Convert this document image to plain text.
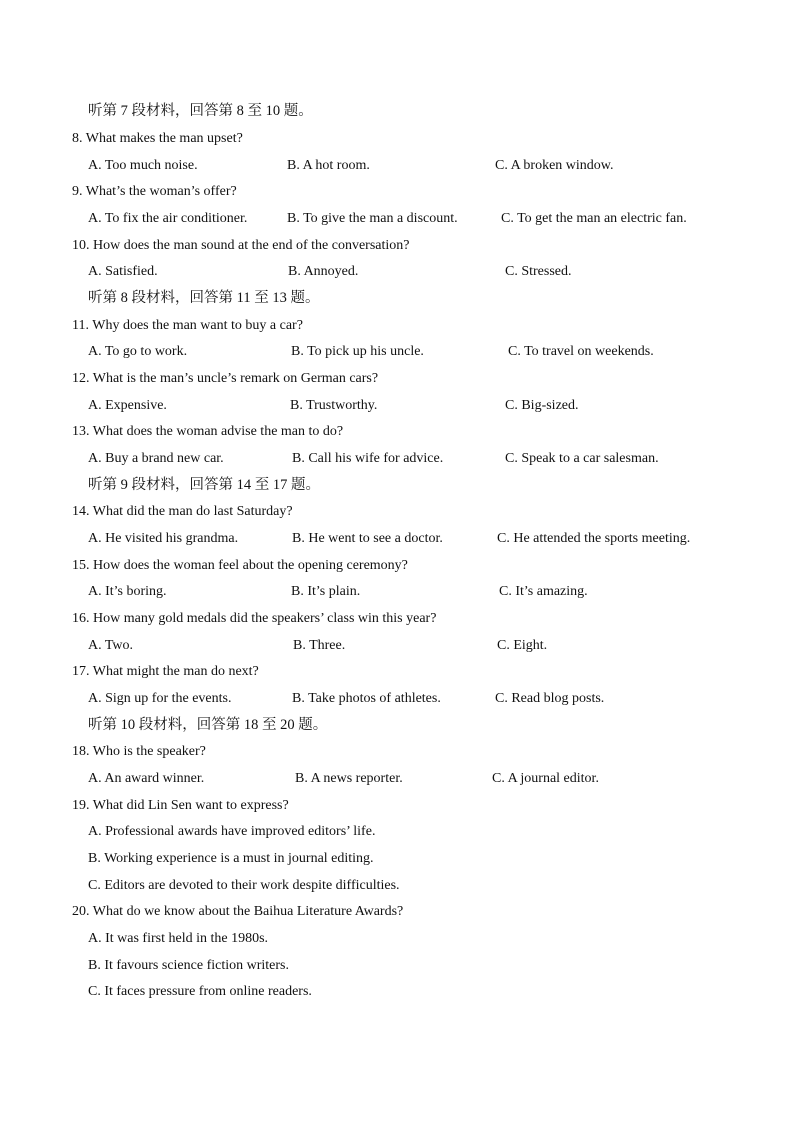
听第 7 段材料，回答第 8 至 10 题。
8. What makes the man upset?
A. Too much noise.	B. A hot room.	C. A broken window.
9. What’s the woman’s offer?
A. To fix the air conditioner.	B. To give the man a discount.	C. To get the man an electric fan.
10. How does the man sound at the end of the conversation?
A. Satisfied.	B. Annoyed.	C. Stressed.
听第 8 段材料，回答第 11 至 13 题。
11. Why does the man want to buy a car?
A. To go to work.	B. To pick up his uncle.	C. To travel on weekends.
12. What is the man’s uncle’s remark on German cars?
A. Expensive.	B. Trustworthy.	C. Big-sized.
13. What does the woman advise the man to do?
A. Buy a brand new car.	B. Call his wife for advice.	C. Speak to a car salesman.
听第 9 段材料，回答第 14 至 17 题。
14. What did the man do last Saturday?
A. He visited his grandma.	B. He went to see a doctor.	C. He attended the sports meeting.
15. How does the woman feel about the opening ceremony?
A. It’s boring.	B. It’s plain.	C. It’s amazing.
16. How many gold medals did the speakers’ class win this year?
A. Two.	B. Three.	C. Eight.
17. What might the man do next?
A. Sign up for the events.	B. Take photos of athletes.	C. Read blog posts.
听第 10 段材料，回答第 18 至 20 题。
18. Who is the speaker?
A. An award winner.	B. A news reporter.	C. A journal editor.
19. What did Lin Sen want to express?
A. Professional awards have improved editors’ life.
B. Working experience is a must in journal editing.
C. Editors are devoted to their work despite difficulties.
20. What do we know about the Baihua Literature Awards?
A. It was first held in the 1980s.
B. It favours science fiction writers.
C. It faces pressure from online readers.
